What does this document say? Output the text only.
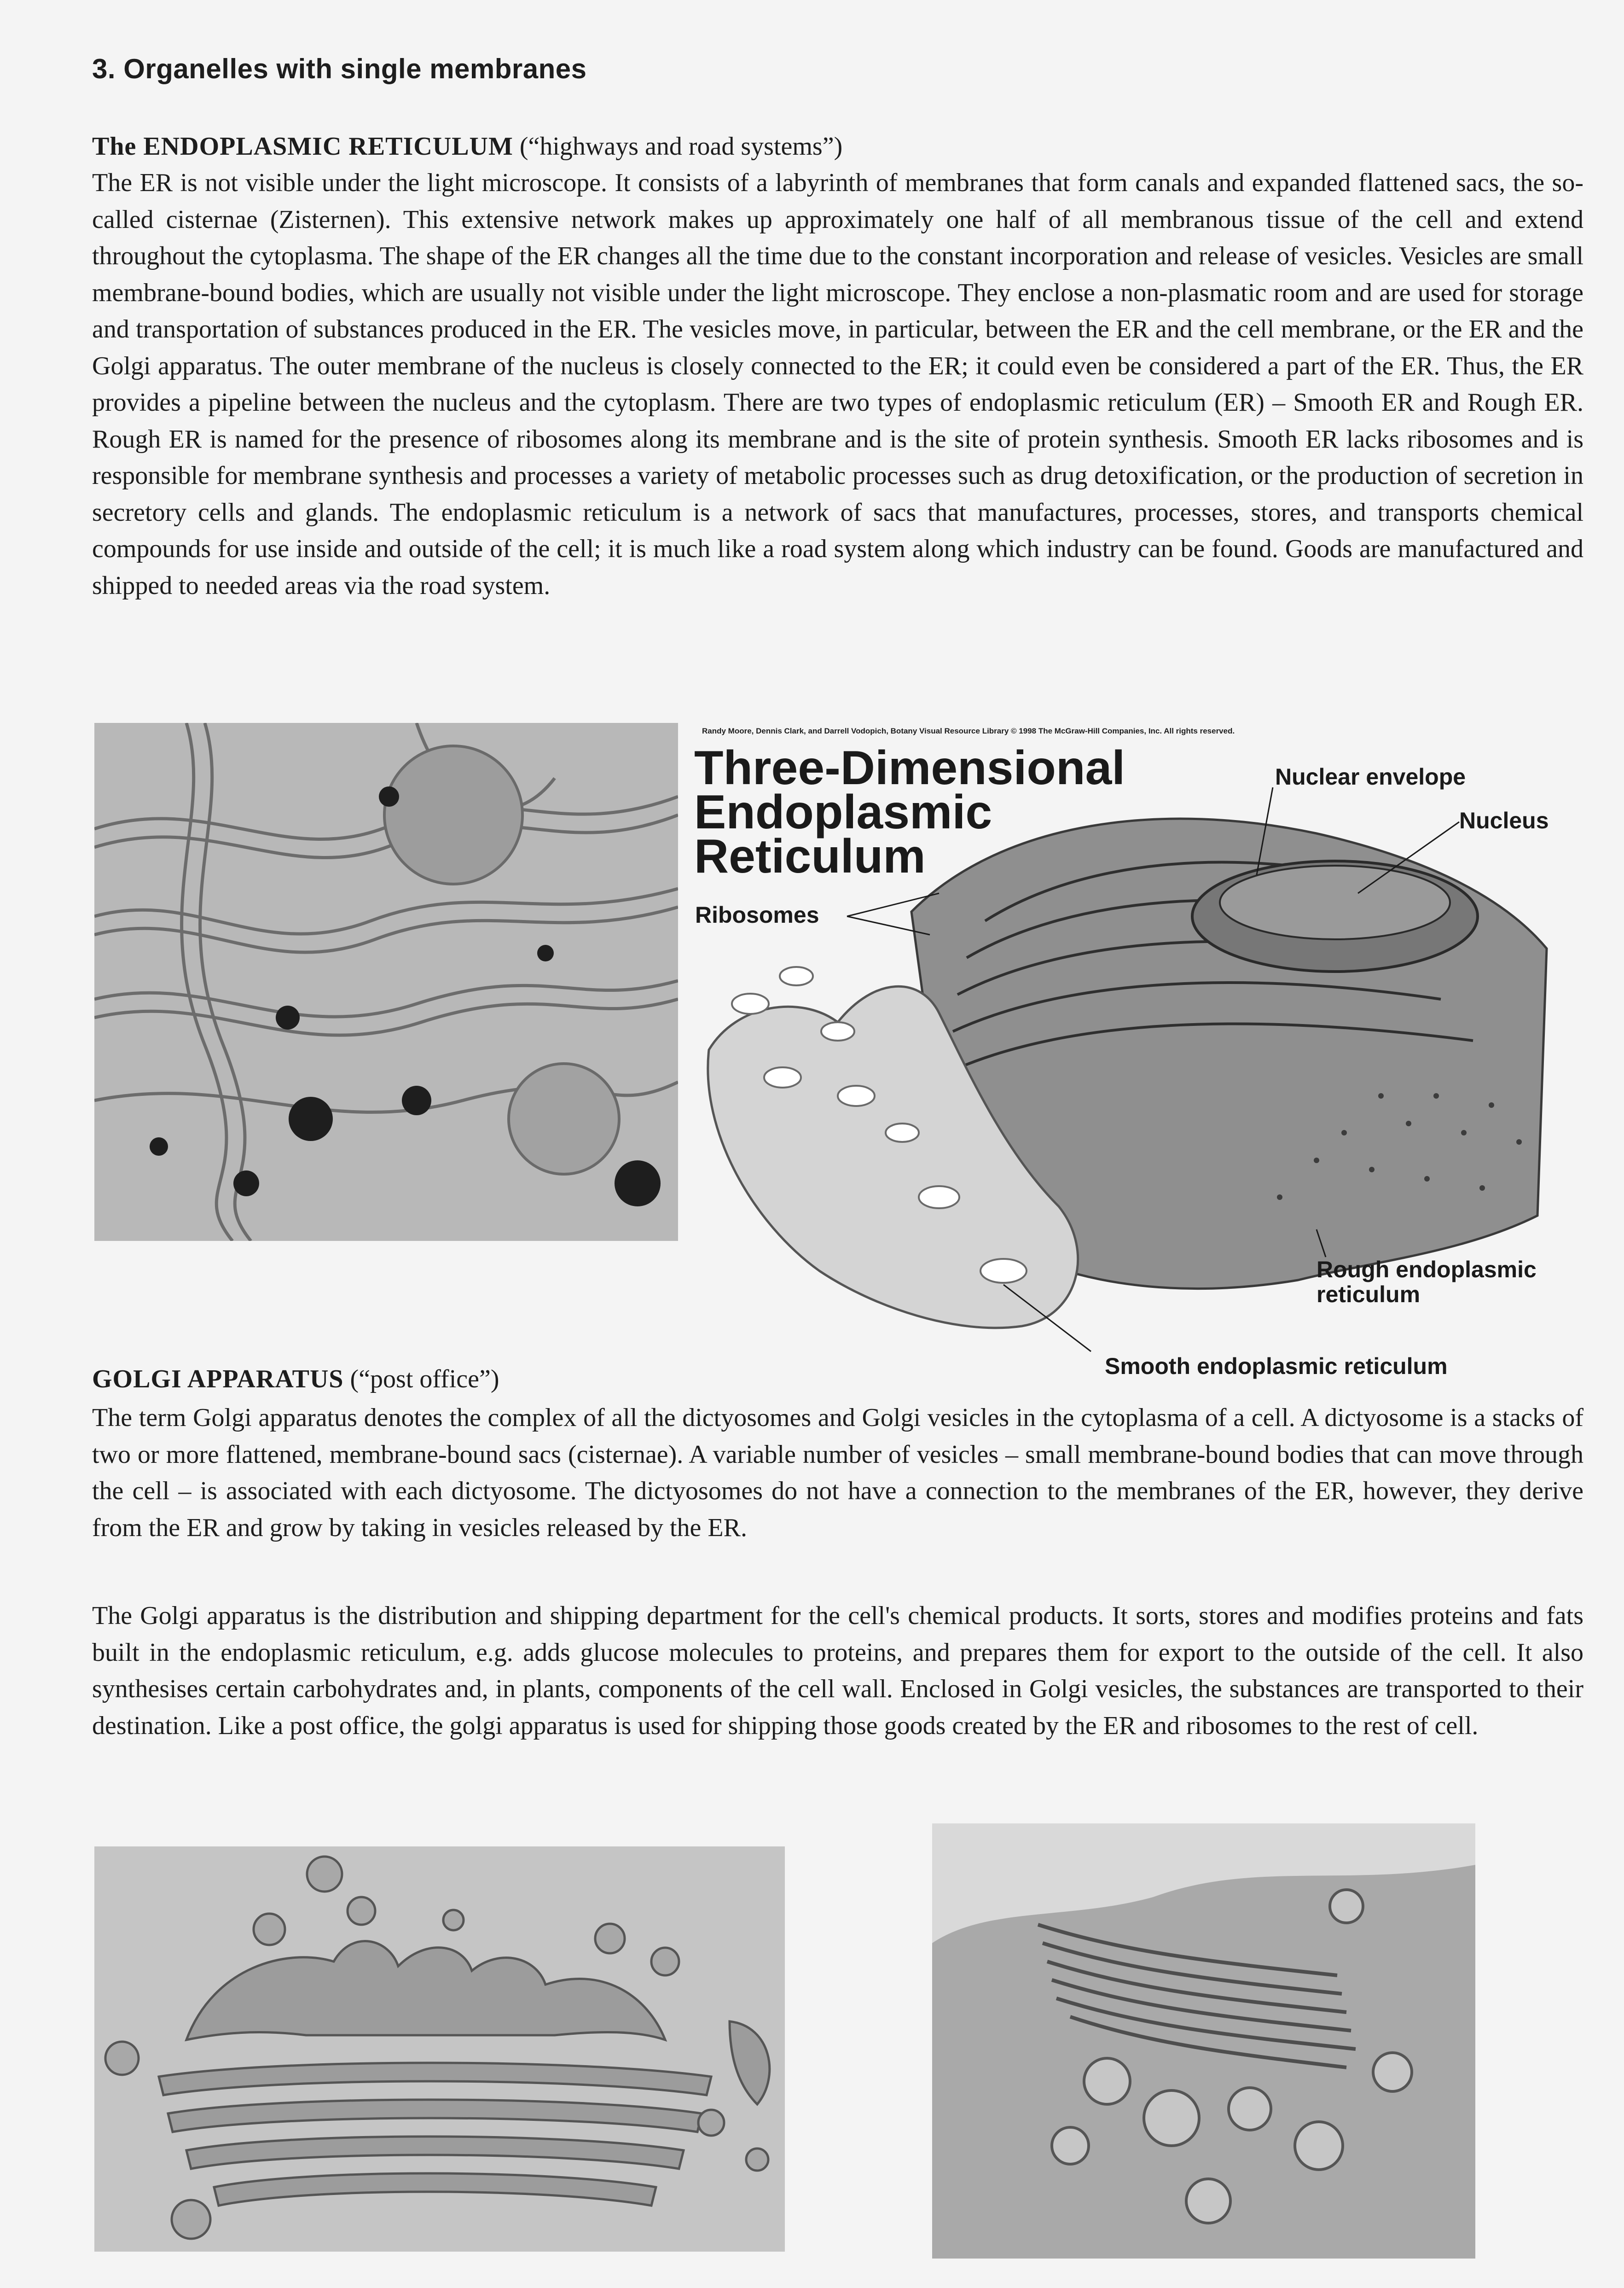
3. Organelles with single membranes
The ENDOPLASMIC RETICULUM (“highways and road systems”)
The ER is not visible under the light microscope. It consists of a labyrinth of membranes that form canals and expanded flattened sacs, the so-called cisternae (Zisternen). This extensive network makes up approximately one half of all membranous tissue of the cell and extend throughout the cytoplasma. The shape of the ER changes all the time due to the constant incorporation and release of vesicles. Vesicles are small membrane-bound bodies, which are usually not visible under the light microscope. They enclose a non-plasmatic room and are used for storage and transportation of substances produced in the ER. The vesicles move, in particular, between the ER and the cell membrane, or the ER and the Golgi apparatus. The outer membrane of the nucleus is closely connected to the ER; it could even be considered a part of the ER. Thus, the ER provides a pipeline between the nucleus and the cytoplasm. There are two types of endoplasmic reticulum (ER) – Smooth ER and Rough ER. Rough ER is named for the presence of ribosomes along its membrane and is the site of protein synthesis. Smooth ER lacks ribosomes and is responsible for membrane synthesis and processes a variety of metabolic processes such as drug detoxification, or the production of secretion in secretory cells and glands. The endoplasmic reticulum is a network of sacs that manufactures, processes, stores, and transports chemical compounds for use inside and outside of the cell; it is much like a road system along which industry can be found. Goods are manufactured and shipped to needed areas via the road system.
Randy Moore, Dennis Clark, and Darrell Vodopich, Botany Visual Resource Library © 1998 The McGraw-Hill Companies, Inc. All rights reserved.
Three-Dimensional
Endoplasmic
Reticulum
Nuclear envelope
Nucleus
Ribosomes
Rough endoplasmic
reticulum
Smooth endoplasmic reticulum
GOLGI APPARATUS (“post office”)
The term Golgi apparatus denotes the complex of all the dictyosomes and Golgi vesicles in the cytoplasma of a cell. A dictyosome is a stacks of two or more flattened, membrane-bound sacs (cisternae). A variable number of vesicles – small membrane-bound bodies that can move through the cell – is associated with each dictyosome. The dictyosomes do not have a connection to the membranes of the ER, however, they derive from the ER and grow by taking in vesicles released by the ER.
The Golgi apparatus is the distribution and shipping department for the cell's chemical products. It sorts, stores and modifies proteins and fats built in the endoplasmic reticulum, e.g. adds glucose molecules to proteins, and prepares them for export to the outside of the cell. It also synthesises certain carbohydrates and, in plants, components of the cell wall. Enclosed in Golgi vesicles, the substances are transported to their destination. Like a post office, the golgi apparatus is used for shipping those goods created by the ER and ribosomes to the rest of cell.
